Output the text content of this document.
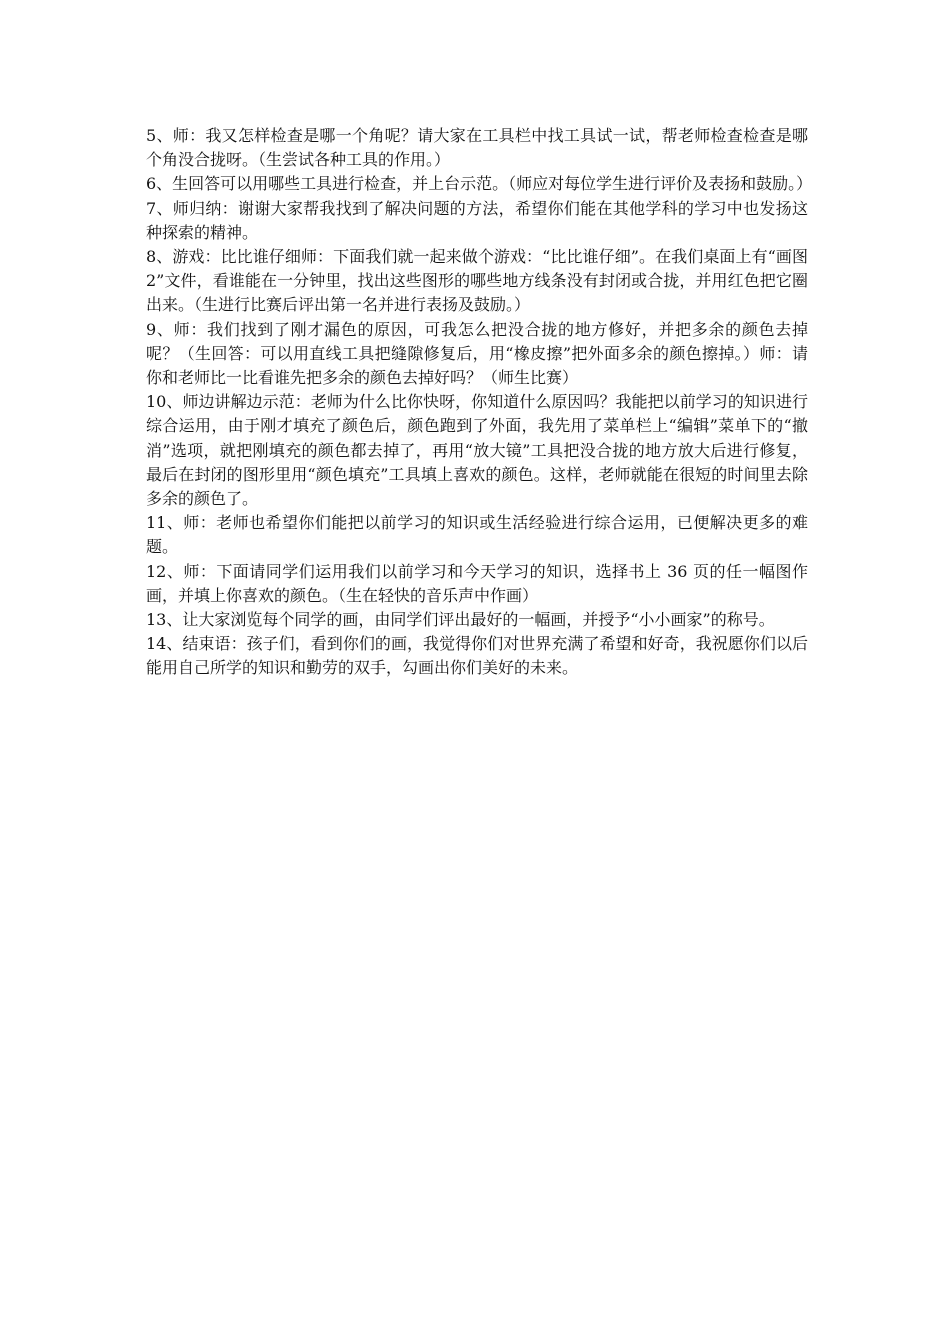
5、师：我又怎样检查是哪一个角呢？请大家在工具栏中找工具试一试，帮老师检查检查是哪个角没合拢呀。（生尝试各种工具的作用。）

6、生回答可以用哪些工具进行检查，并上台示范。（师应对每位学生进行评价及表扬和鼓励。）

7、师归纳：谢谢大家帮我找到了解决问题的方法，希望你们能在其他学科的学习中也发扬这种探索的精神。

8、游戏：比比谁仔细师：下面我们就一起来做个游戏：“比比谁仔细”。在我们桌面上有“画图 2”文件，看谁能在一分钟里，找出这些图形的哪些地方线条没有封闭或合拢，并用红色把它圈出来。（生进行比赛后评出第一名并进行表扬及鼓励。）

9、师：我们找到了刚才漏色的原因，可我怎么把没合拢的地方修好，并把多余的颜色去掉呢？（生回答：可以用直线工具把缝隙修复后，用“橡皮擦”把外面多余的颜色擦掉。）师：请你和老师比一比看谁先把多余的颜色去掉好吗？（师生比赛）

10、师边讲解边示范：老师为什么比你快呀，你知道什么原因吗？我能把以前学习的知识进行综合运用，由于刚才填充了颜色后，颜色跑到了外面，我先用了菜单栏上“编辑”菜单下的“撤消”选项，就把刚填充的颜色都去掉了，再用“放大镜”工具把没合拢的地方放大后进行修复，最后在封闭的图形里用“颜色填充”工具填上喜欢的颜色。这样，老师就能在很短的时间里去除多余的颜色了。

11、师：老师也希望你们能把以前学习的知识或生活经验进行综合运用，已便解决更多的难题。

12、师：下面请同学们运用我们以前学习和今天学习的知识，选择书上 36 页的任一幅图作画，并填上你喜欢的颜色。（生在轻快的音乐声中作画）

13、让大家浏览每个同学的画，由同学们评出最好的一幅画，并授予“小小画家”的称号。

14、结束语：孩子们，看到你们的画，我觉得你们对世界充满了希望和好奇，我祝愿你们以后能用自己所学的知识和勤劳的双手，勾画出你们美好的未来。
